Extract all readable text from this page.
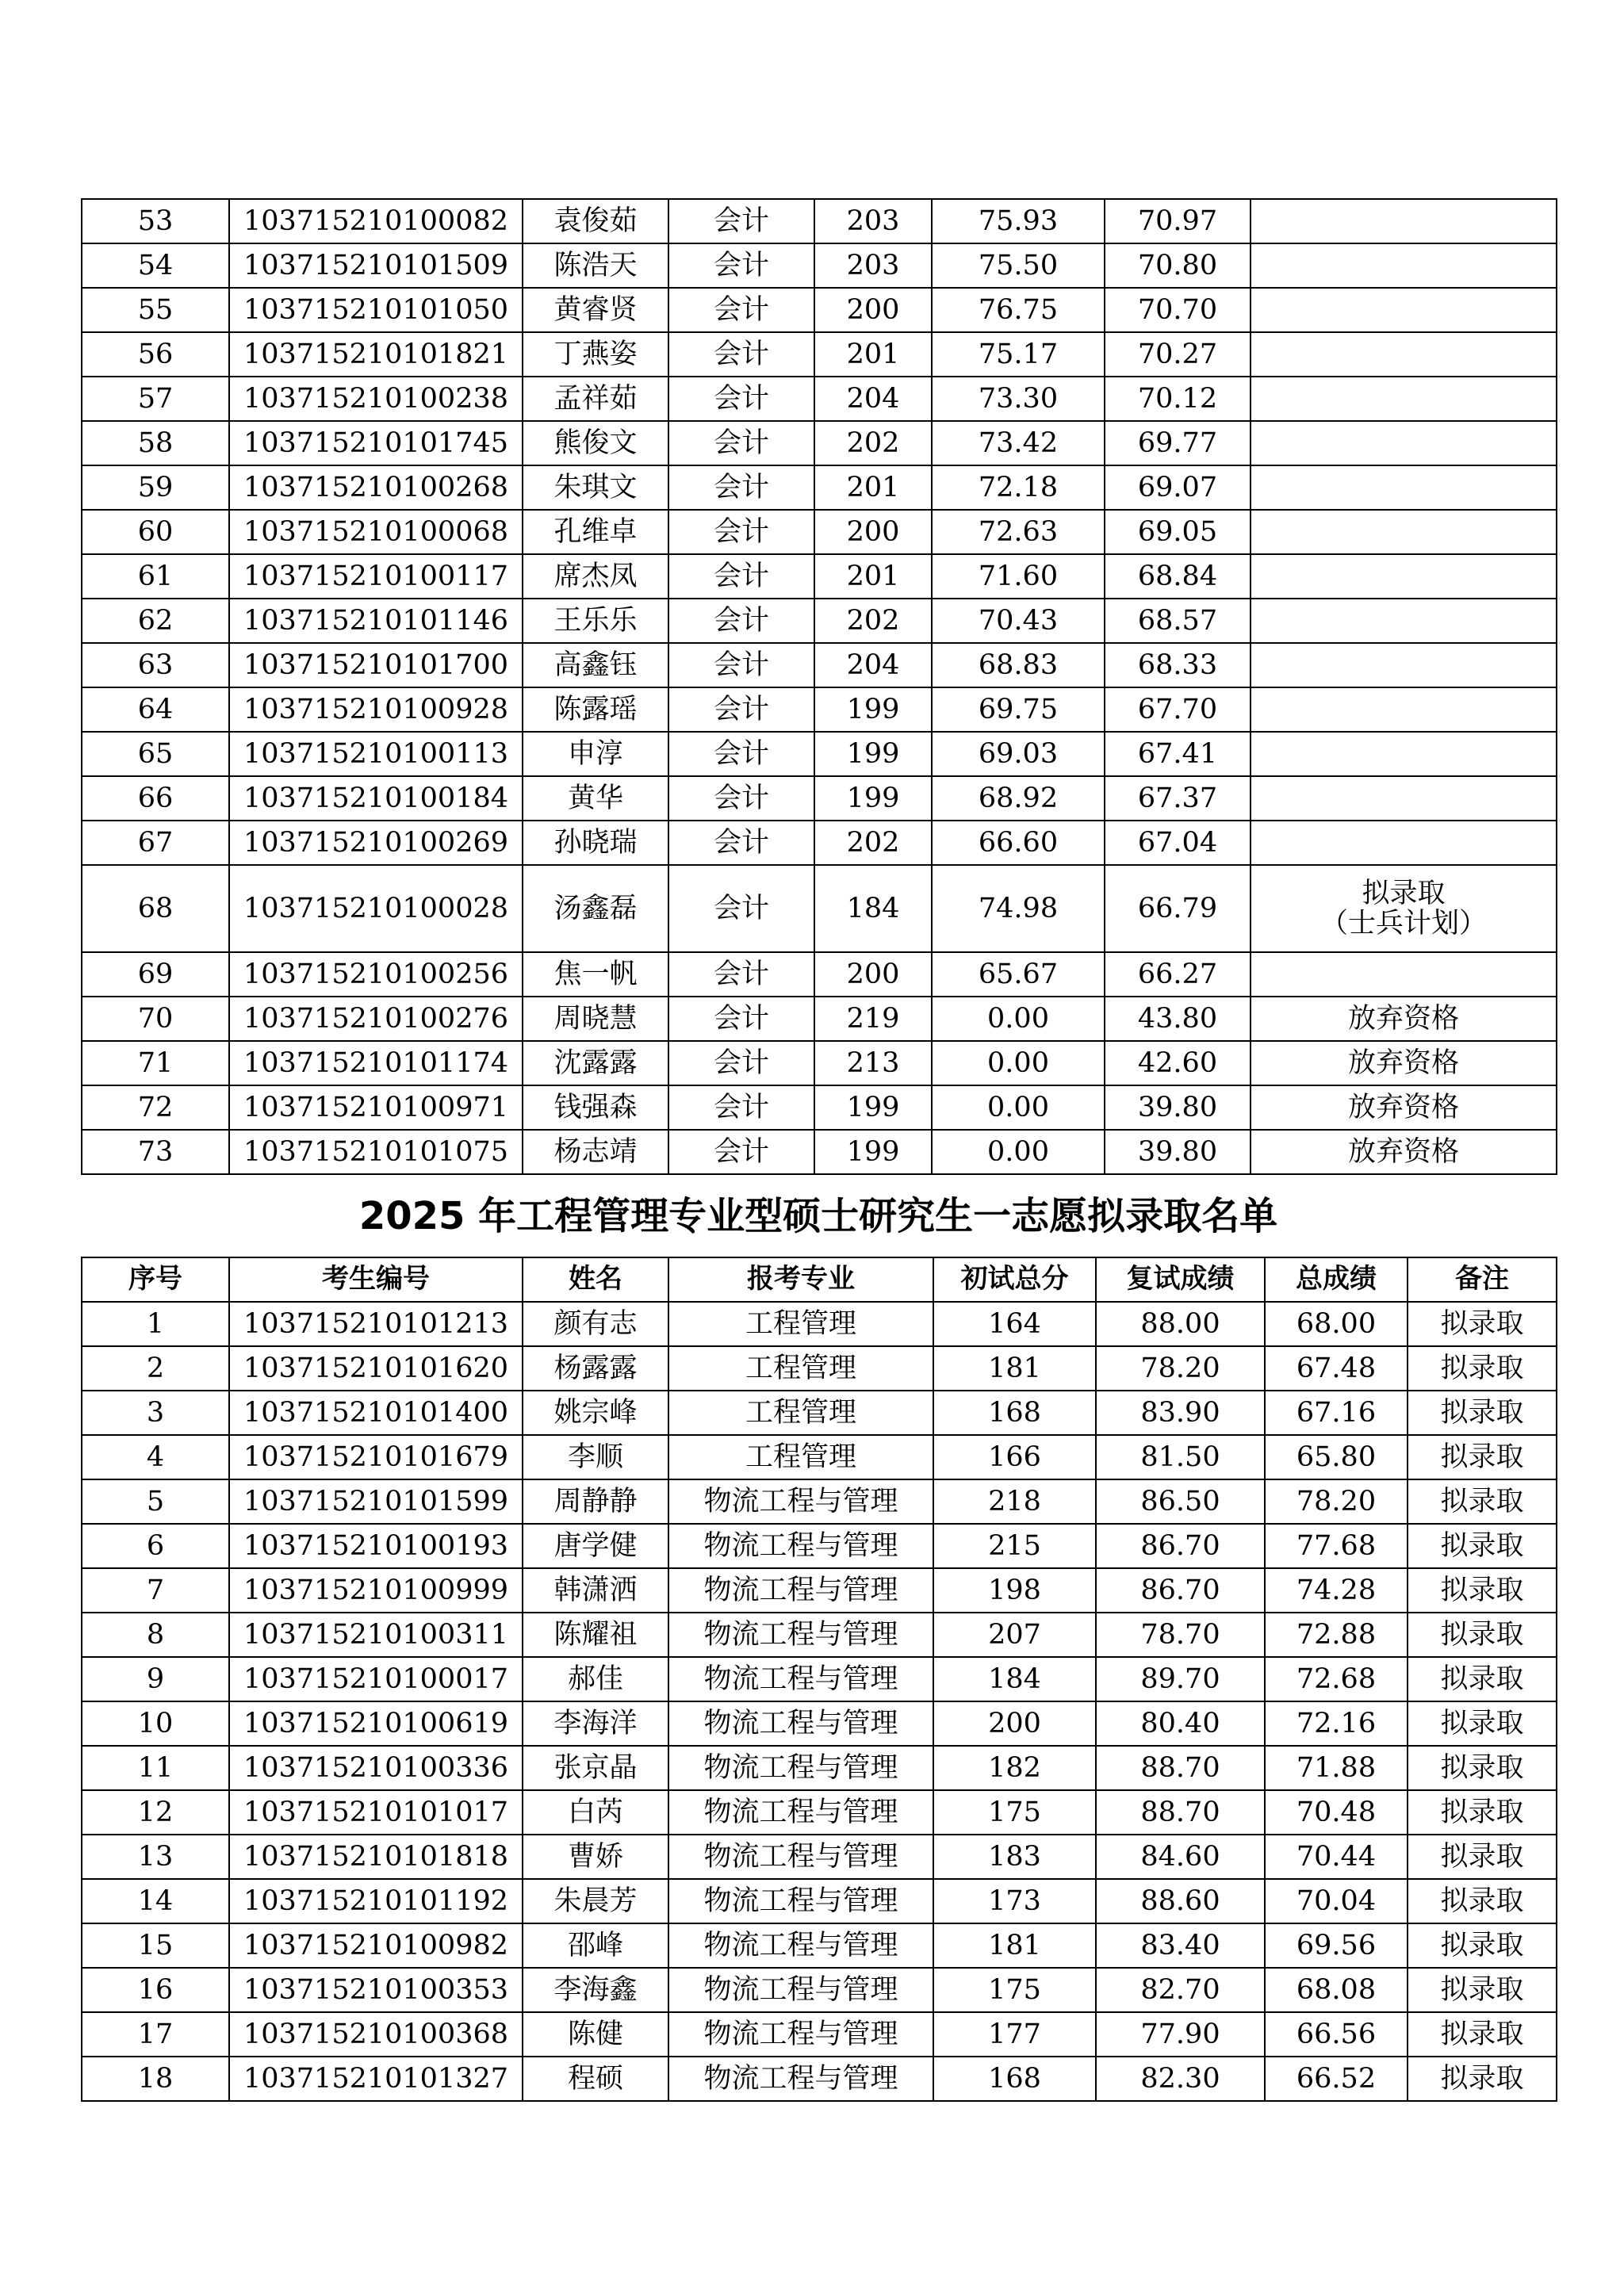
53	103715210100082	袁俊茹	会计	203	75.93	70.97	
54	103715210101509	陈浩天	会计	203	75.50	70.80	
55	103715210101050	黄睿贤	会计	200	76.75	70.70	
56	103715210101821	丁燕姿	会计	201	75.17	70.27	
57	103715210100238	孟祥茹	会计	204	73.30	70.12	
58	103715210101745	熊俊文	会计	202	73.42	69.77	
59	103715210100268	朱琪文	会计	201	72.18	69.07	
60	103715210100068	孔维卓	会计	200	72.63	69.05	
61	103715210100117	席杰凤	会计	201	71.60	68.84	
62	103715210101146	王乐乐	会计	202	70.43	68.57	
63	103715210101700	高鑫钰	会计	204	68.83	68.33	
64	103715210100928	陈露瑶	会计	199	69.75	67.70	
65	103715210100113	申淳	会计	199	69.03	67.41	
66	103715210100184	黄华	会计	199	68.92	67.37	
67	103715210100269	孙晓瑞	会计	202	66.60	67.04	
68	103715210100028	汤鑫磊	会计	184	74.98	66.79	拟录取
（士兵计划）

69	103715210100256	焦一帆	会计	200	65.67	66.27	
70	103715210100276	周晓慧	会计	219	0.00	43.80	放弃资格
71	103715210101174	沈露露	会计	213	0.00	42.60	放弃资格
72	103715210100971	钱强森	会计	199	0.00	39.80	放弃资格
73	103715210101075	杨志靖	会计	199	0.00	39.80	放弃资格
2025 年工程管理专业型硕士研究生一志愿拟录取名单
序号	考生编号	姓名	报考专业	初试总分	复试成绩	总成绩	备注
1	103715210101213	颜有志	工程管理	164	88.00	68.00	拟录取
2	103715210101620	杨露露	工程管理	181	78.20	67.48	拟录取
3	103715210101400	姚宗峰	工程管理	168	83.90	67.16	拟录取
4	103715210101679	李顺	工程管理	166	81.50	65.80	拟录取
5	103715210101599	周静静	物流工程与管理	218	86.50	78.20	拟录取
6	103715210100193	唐学健	物流工程与管理	215	86.70	77.68	拟录取
7	103715210100999	韩潇洒	物流工程与管理	198	86.70	74.28	拟录取
8	103715210100311	陈耀祖	物流工程与管理	207	78.70	72.88	拟录取
9	103715210100017	郝佳	物流工程与管理	184	89.70	72.68	拟录取
10	103715210100619	李海洋	物流工程与管理	200	80.40	72.16	拟录取
11	103715210100336	张京晶	物流工程与管理	182	88.70	71.88	拟录取
12	103715210101017	白芮	物流工程与管理	175	88.70	70.48	拟录取
13	103715210101818	曹娇	物流工程与管理	183	84.60	70.44	拟录取
14	103715210101192	朱晨芳	物流工程与管理	173	88.60	70.04	拟录取
15	103715210100982	邵峰	物流工程与管理	181	83.40	69.56	拟录取
16	103715210100353	李海鑫	物流工程与管理	175	82.70	68.08	拟录取
17	103715210100368	陈健	物流工程与管理	177	77.90	66.56	拟录取
18	103715210101327	程硕	物流工程与管理	168	82.30	66.52	拟录取
